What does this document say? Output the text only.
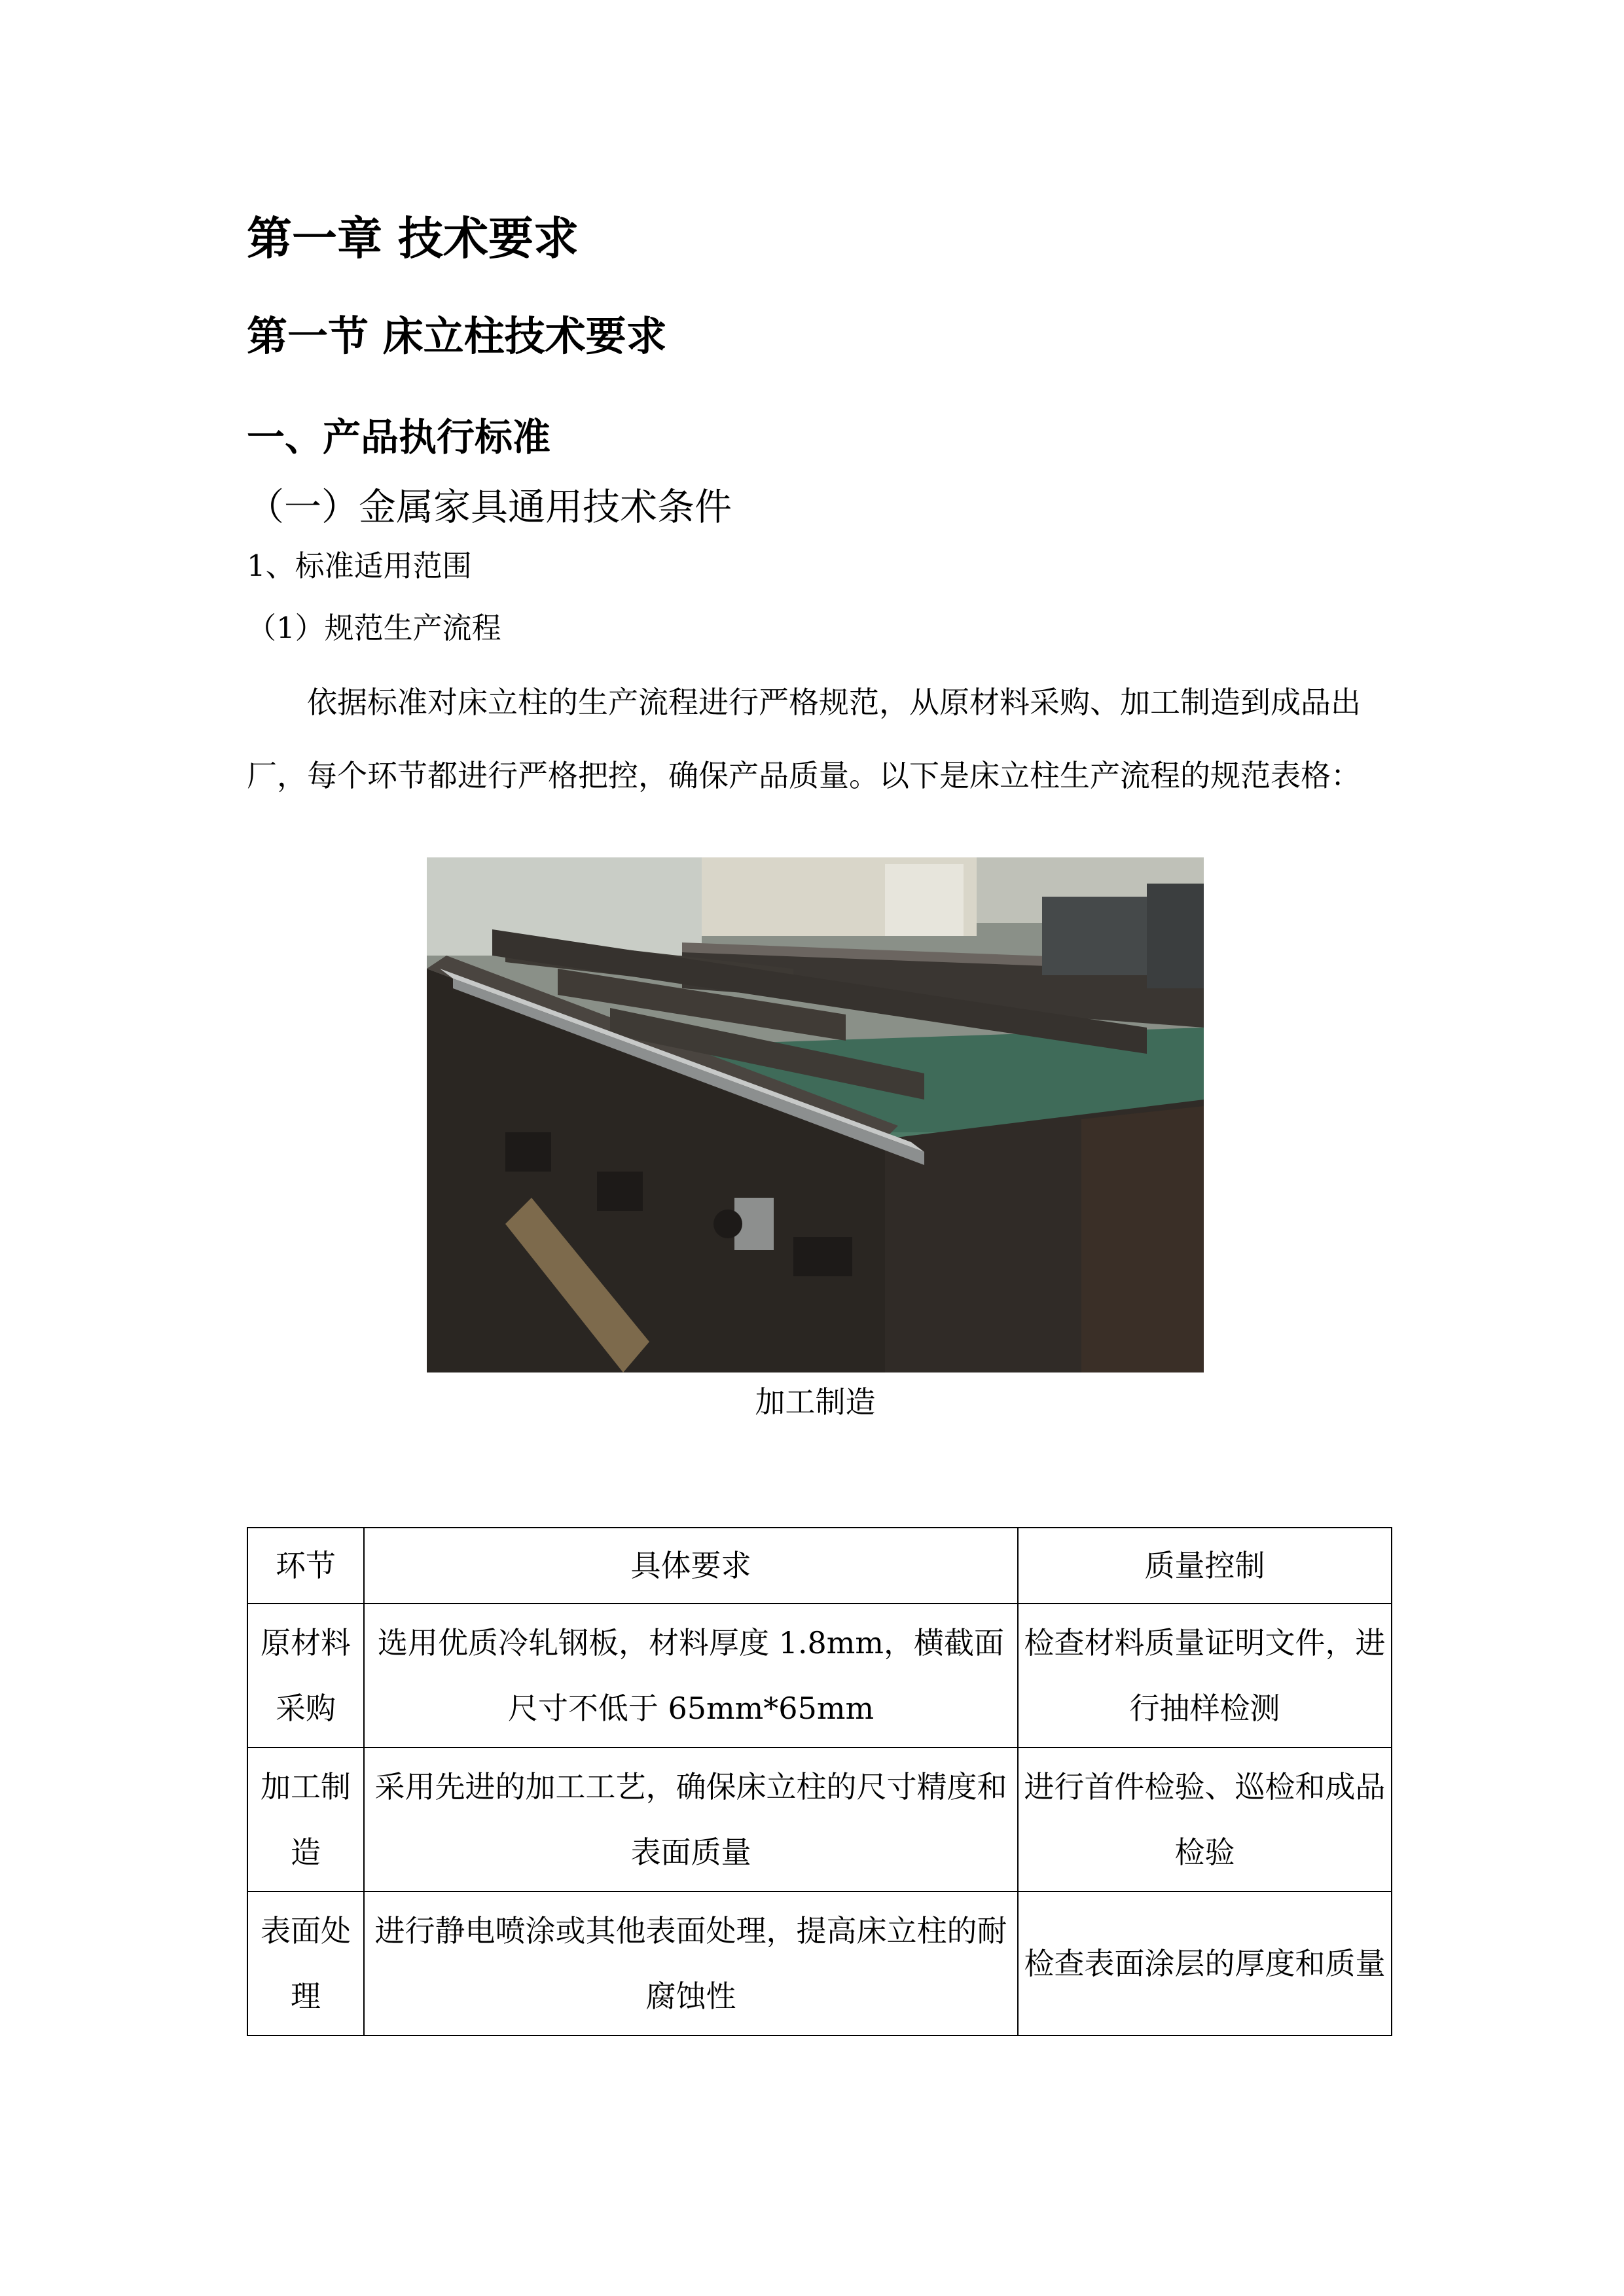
第一章 技术要求
第一节 床立柱技术要求
一、产品执行标准
（一）金属家具通用技术条件
1、标准适用范围
（1）规范生产流程
依据标准对床立柱的生产流程进行严格规范，从原材料采购、加工制造到成品出厂，每个环节都进行严格把控，确保产品质量。以下是床立柱生产流程的规范表格：
加工制造
环节	具体要求	质量控制
原材料采购	选用优质冷轧钢板，材料厚度 1.8mm，横截面尺寸不低于 65mm*65mm	检查材料质量证明文件，进行抽样检测
加工制造	采用先进的加工工艺，确保床立柱的尺寸精度和表面质量	进行首件检验、巡检和成品检验
表面处理	进行静电喷涂或其他表面处理，提高床立柱的耐腐蚀性	检查表面涂层的厚度和质量
